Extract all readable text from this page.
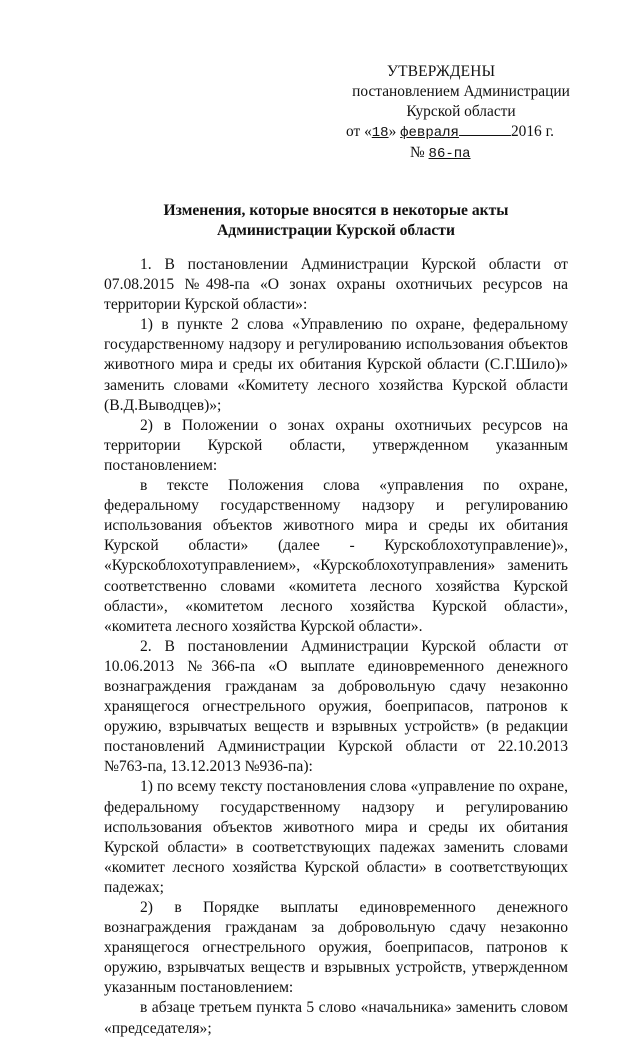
УТВЕРЖДЕНЫ
постановлением Администрации
Курской области
от «18» февраля	2016 г.
№ 86-па
Изменения, которые вносятся в некоторые акты
Администрации Курской области

1. В постановлении Администрации Курской области от 07.08.2015 №498-па «О зонах охраны охотничьих ресурсов на территории Курской области»:

1) в пункте 2 слова «Управлению по охране, федеральному государственному надзору и регулированию использования объектов животного мира и среды их обитания Курской области (С.Г.Шило)» заменить словами «Комитету лесного хозяйства Курской области (В.Д.Выводцев)»;

2) в Положении о зонах охраны охотничьих ресурсов на территории Курской области, утвержденном указанным постановлением:

в тексте Положения слова «управления по охране, федеральному государственному надзору и регулированию использования объектов животного мира и среды их обитания Курской области» (далее - Курскоблохотуправление)», «Курскоблохотуправлением», «Курскоблохотуправления» заменить соответственно словами «комитета лесного хозяйства Курской области», «комитетом лесного хозяйства Курской области», «комитета лесного хозяйства Курской области».

2. В постановлении Администрации Курской области от 10.06.2013 №366-па «О выплате единовременного денежного вознаграждения гражданам за добровольную сдачу незаконно хранящегося огнестрельного оружия, боеприпасов, патронов к оружию, взрывчатых веществ и взрывных устройств» (в редакции постановлений Администрации Курской области от 22.10.2013 №763-па, 13.12.2013 №936-па):

1) по всему тексту постановления слова «управление по охране, федеральному государственному надзору и регулированию использования объектов животного мира и среды их обитания Курской области» в соответствующих падежах заменить словами «комитет лесного хозяйства Курской области» в соответствующих падежах;

2) в Порядке выплаты единовременного денежного вознаграждения гражданам за добровольную сдачу незаконно хранящегося огнестрельного оружия, боеприпасов, патронов к оружию, взрывчатых веществ и взрывных устройств, утвержденном указанным постановлением:

в абзаце третьем пункта 5 слово «начальника» заменить словом «председателя»;
